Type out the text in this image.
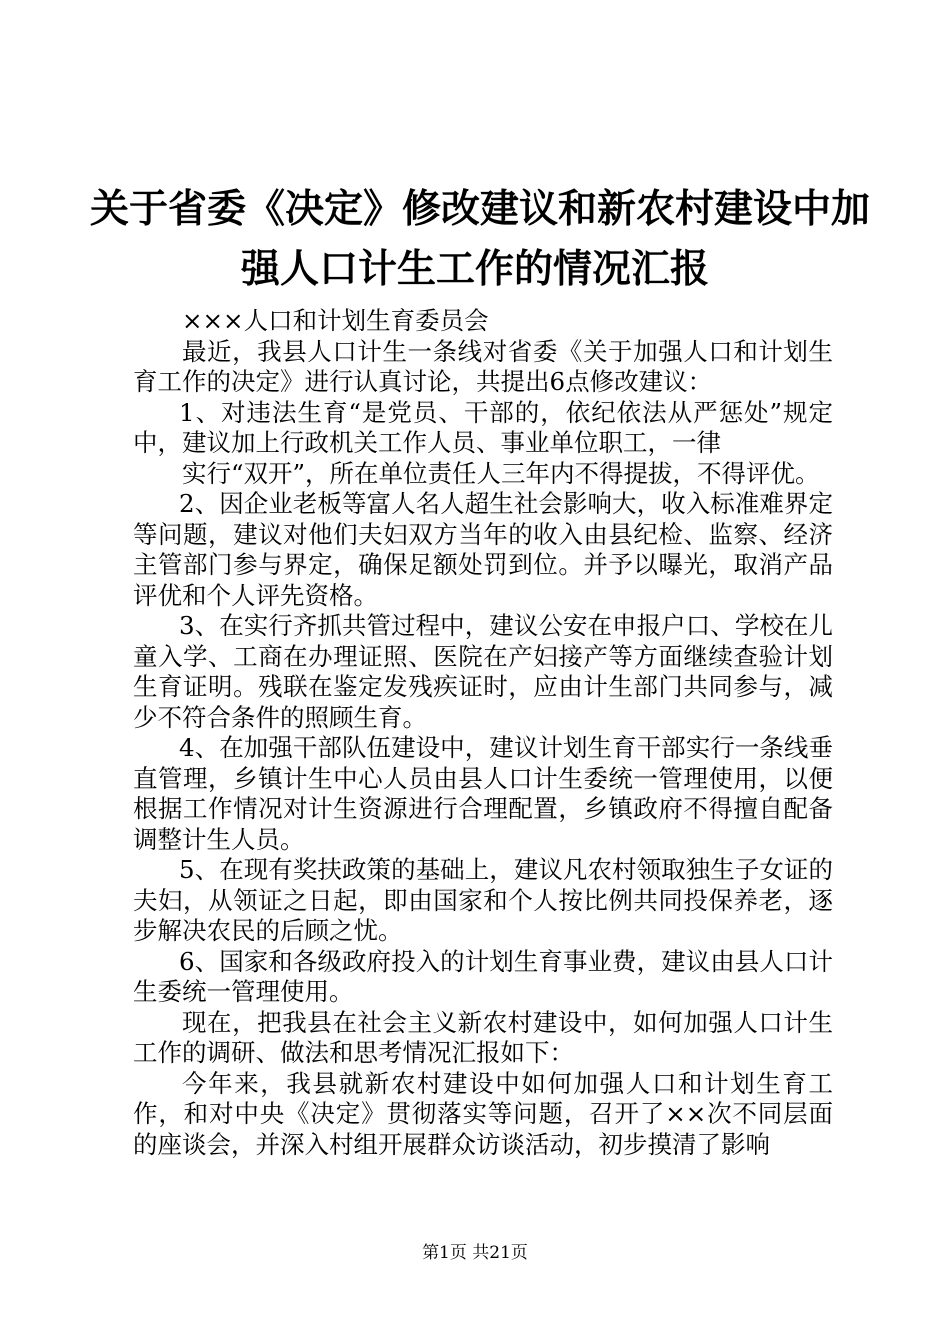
关于省委《决定》修改建议和新农村建设中加
强人口计生工作的情况汇报

×××人口和计划生育委员会

最近，我县人口计生一条线对省委《关于加强人口和计划生育工作的决定》进行认真讨论，共提出6点修改建议：

1、对违法生育“是党员、干部的，依纪依法从严惩处”规定中，建议加上行政机关工作人员、事业单位职工，一律

实行“双开”，所在单位责任人三年内不得提拔，不得评优。

2、因企业老板等富人名人超生社会影响大，收入标准难界定等问题，建议对他们夫妇双方当年的收入由县纪检、监察、经济主管部门参与界定，确保足额处罚到位。并予以曝光，取消产品评优和个人评先资格。

3、在实行齐抓共管过程中，建议公安在申报户口、学校在儿童入学、工商在办理证照、医院在产妇接产等方面继续查验计划生育证明。残联在鉴定发残疾证时，应由计生部门共同参与，减少不符合条件的照顾生育。

4、在加强干部队伍建设中，建议计划生育干部实行一条线垂直管理，乡镇计生中心人员由县人口计生委统一管理使用，以便根据工作情况对计生资源进行合理配置，乡镇政府不得擅自配备调整计生人员。

5、在现有奖扶政策的基础上，建议凡农村领取独生子女证的夫妇，从领证之日起，即由国家和个人按比例共同投保养老，逐步解决农民的后顾之忧。

6、国家和各级政府投入的计划生育事业费，建议由县人口计生委统一管理使用。

现在，把我县在社会主义新农村建设中，如何加强人口计生工作的调研、做法和思考情况汇报如下：

今年来，我县就新农村建设中如何加强人口和计划生育工作，和对中央《决定》贯彻落实等问题，召开了××次不同层面的座谈会，并深入村组开展群众访谈活动，初步摸清了影响

第1页 共21页
